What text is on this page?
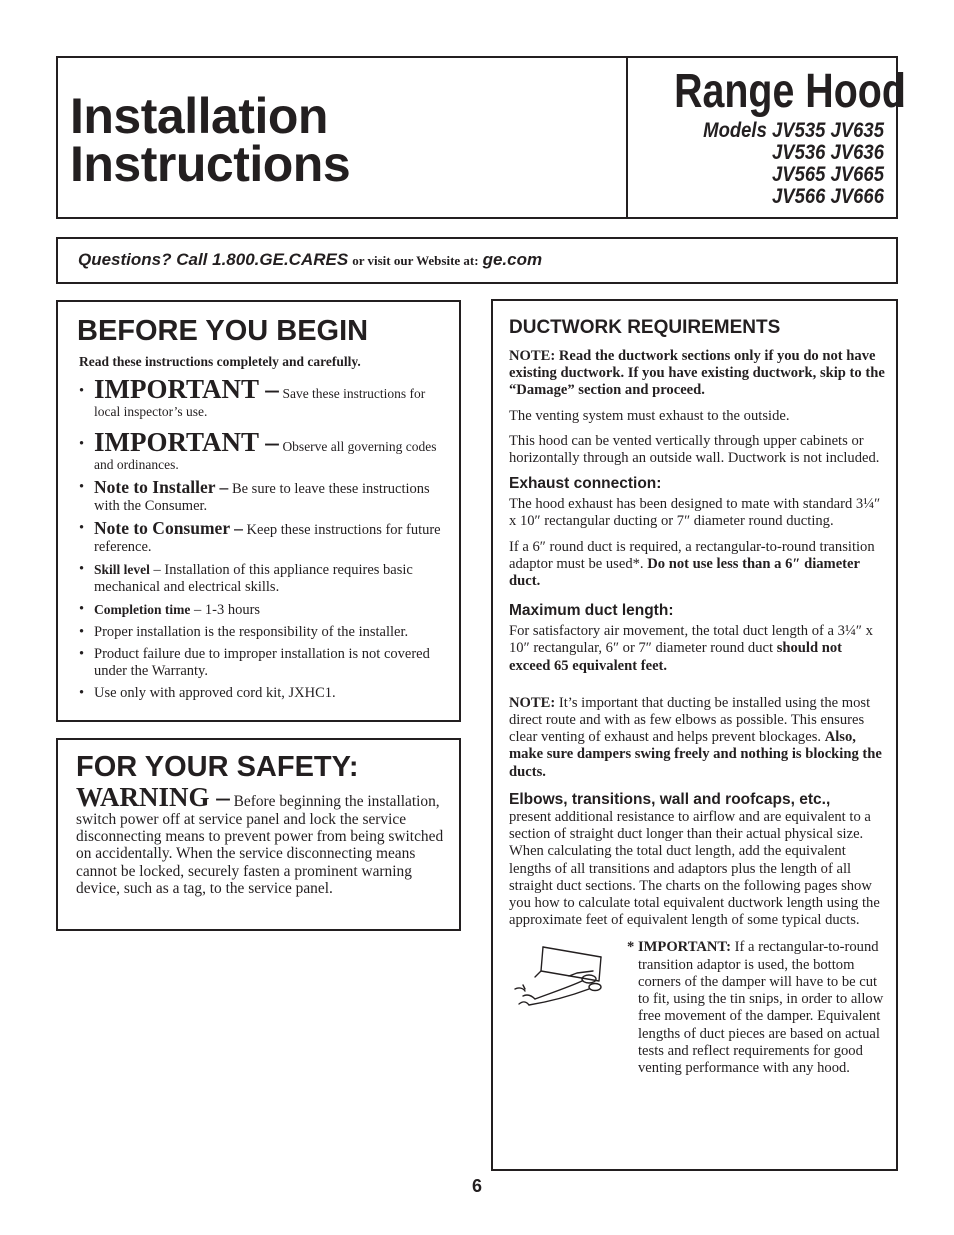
Installation
Instructions
Range Hood
Models JV535 JV635
JV536 JV636
JV565 JV665
JV566 JV666
Questions? Call 1.800.GE.CARES or visit our Website at: ge.com
BEFORE YOU BEGIN

Read these instructions completely and carefully.

• IMPORTANT – Save these instructions for local inspector’s use.
• IMPORTANT – Observe all governing codes and ordinances.
• Note to Installer – Be sure to leave these instructions with the Consumer.
• Note to Consumer – Keep these instructions for future reference.
• Skill level – Installation of this appliance requires basic mechanical and electrical skills.
• Completion time – 1-3 hours
• Proper installation is the responsibility of the installer.
• Product failure due to improper installation is not covered under the Warranty.
• Use only with approved cord kit, JXHC1.
FOR YOUR SAFETY:

WARNING – Before beginning the installation, switch power off at service panel and lock the service disconnecting means to prevent power from being switched on accidentally. When the service disconnecting means cannot be locked, securely fasten a prominent warning device, such as a tag, to the service panel.

DUCTWORK REQUIREMENTS

NOTE: Read the ductwork sections only if you do not have existing ductwork. If you have existing ductwork, skip to the “Damage” section and proceed.

The venting system must exhaust to the outside.

This hood can be vented vertically through upper cabinets or horizontally through an outside wall. Ductwork is not included.

Exhaust connection:

The hood exhaust has been designed to mate with standard 3¼″ x 10″ rectangular ducting or 7″ diameter round ducting.

If a 6″ round duct is required, a rectangular-to-round transition adaptor must be used*. Do not use less than a 6″ diameter duct.

Maximum duct length:

For satisfactory air movement, the total duct length of a 3¼″ x 10″ rectangular, 6″ or 7″ diameter round duct should not exceed 65 equivalent feet.

NOTE: It’s important that ducting be installed using the most direct route and with as few elbows as possible. This ensures clear venting of exhaust and helps prevent blockages. Also, make sure dampers swing freely and nothing is blocking the ducts.

Elbows, transitions, wall and roofcaps, etc.,
present additional resistance to airflow and are equivalent to a section of straight duct longer than their actual physical size. When calculating the total duct length, add the equivalent lengths of all transitions and adaptors plus the length of all straight duct sections. The charts on the following pages show you how to calculate total equivalent ductwork length using the approximate feet of equivalent length of some typical ducts.

* IMPORTANT: If a rectangular-to-round transition adaptor is used, the bottom corners of the damper will have to be cut to fit, using the tin snips, in order to allow free movement of the damper. Equivalent lengths of duct pieces are based on actual tests and reflect requirements for good venting performance with any hood.
6
